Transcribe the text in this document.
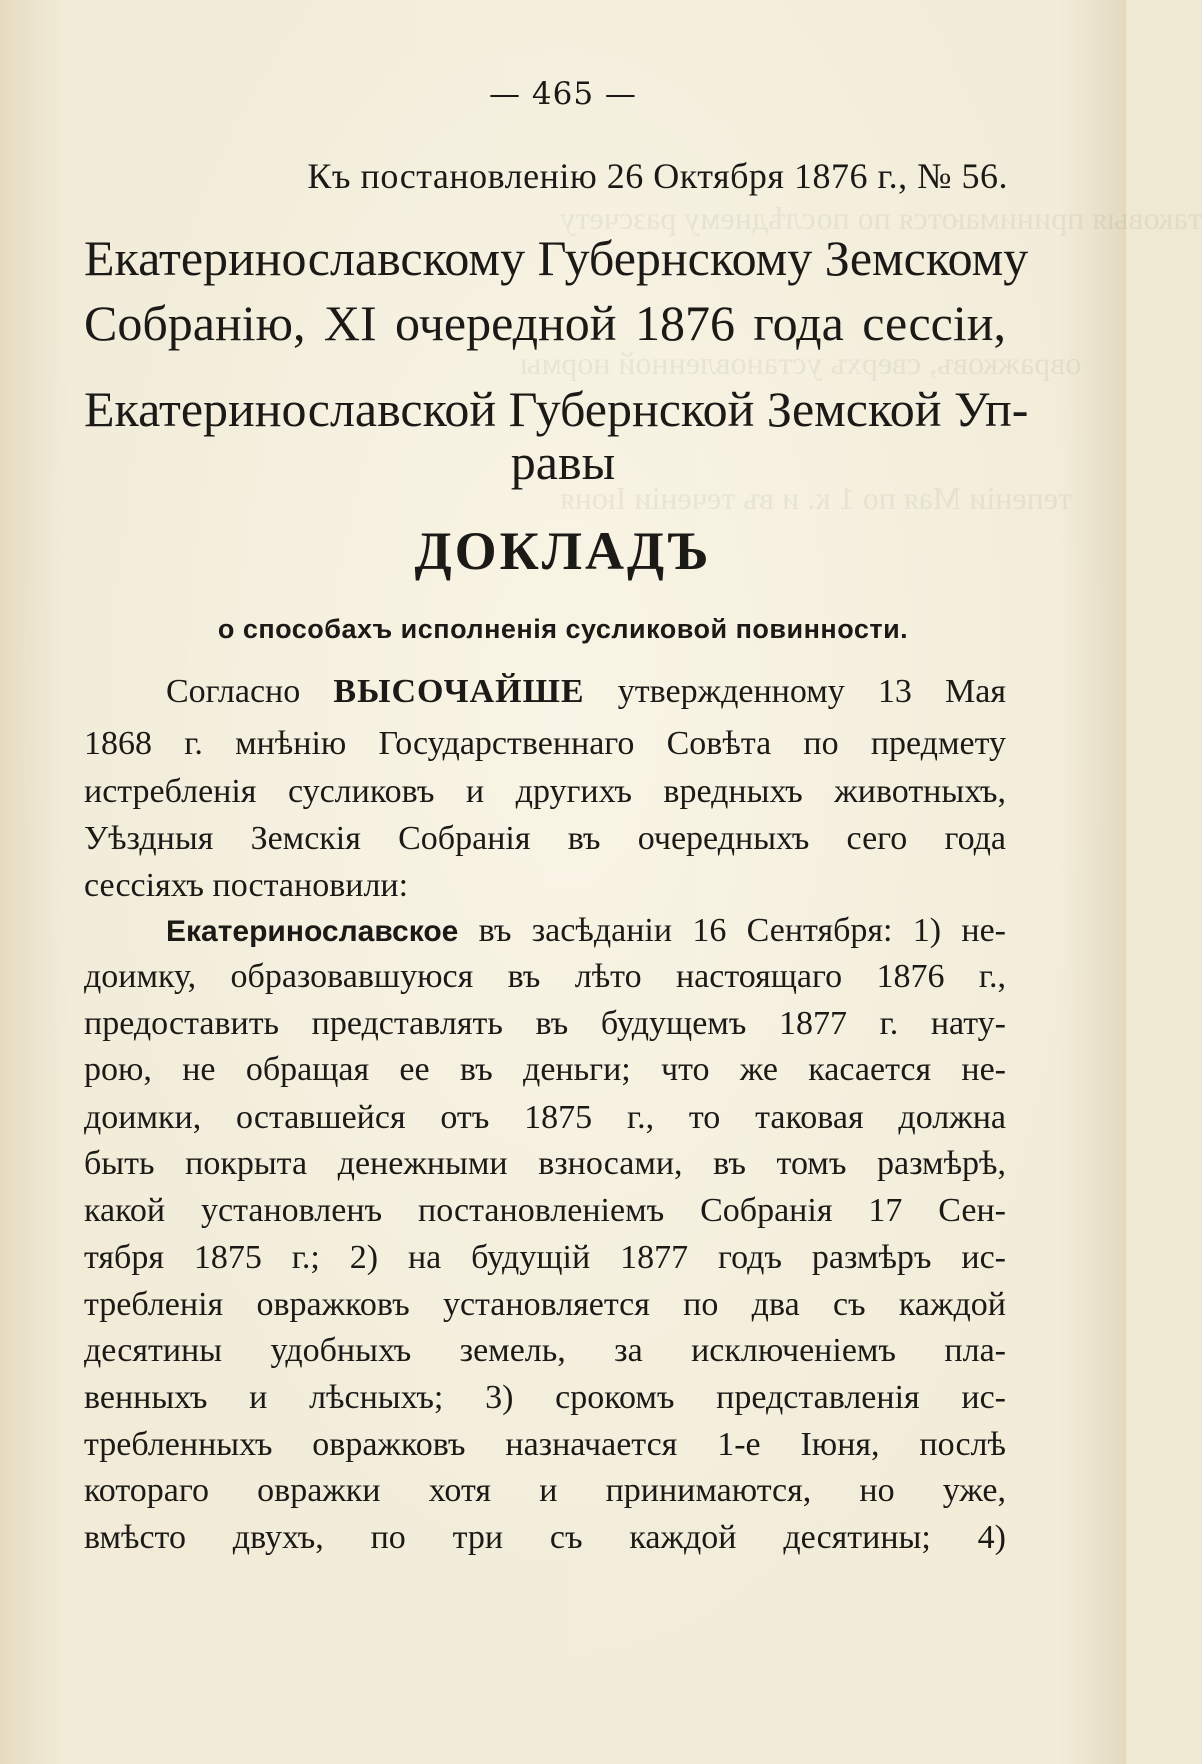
таковыя принимаются по послѣднему разсчету
овражковъ, сверхъ установленной нормы
тепеніи Мая по 1 к. и въ теченіи Іюня
— 465 —
Къ постановленію 26 Октября 1876 г., № 56.
Екатеринославскому Губернскому Земскому
Собранію, XI очередной 1876 года сессіи,
Екатеринославской Губернской Земской Уп-
равы
ДОКЛАДЪ
о способахъ исполненія сусликовой повинности.
Согласно ВЫСОЧАЙШЕ утвержденному 13 Мая
1868 г. мнѣнію Государственнаго Совѣта по предмету
истребленія сусликовъ и другихъ вредныхъ животныхъ,
Уѣздныя Земскія Собранія въ очередныхъ сего года
сессіяхъ постановили:
Екатеринославское въ засѣданіи 16 Сентября: 1) не-
доимку, образовавшуюся въ лѣто настоящаго 1876 г.,
предоставить представлять въ будущемъ 1877 г. нату-
рою, не обращая ее въ деньги; что же касается не-
доимки, оставшейся отъ 1875 г., то таковая должна
быть покрыта денежными взносами, въ томъ размѣрѣ,
какой установленъ постановленіемъ Собранія 17 Сен-
тября 1875 г.; 2) на будущій 1877 годъ размѣръ ис-
требленія овражковъ установляется по два съ каждой
десятины удобныхъ земель, за исключеніемъ пла-
венныхъ и лѣсныхъ; 3) срокомъ представленія ис-
требленныхъ овражковъ назначается 1-е Іюня, послѣ
котораго овражки хотя и принимаются, но уже,
вмѣсто двухъ, по три съ каждой десятины; 4)
